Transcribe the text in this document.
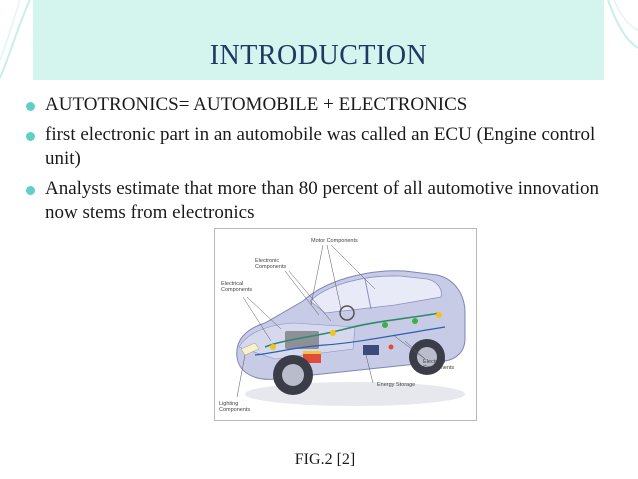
INTRODUCTION
AUTOTRONICS= AUTOMOBILE + ELECTRONICS
first electronic part in an automobile was called an ECU (Engine control unit)
Analysts estimate that more than 80 percent of all automotive innovation now stems from electronics
Motor Components
Electronic Components
Electrical Components
Electrical Components
Energy Storage
Lighting Components
FIG.2 [2]
